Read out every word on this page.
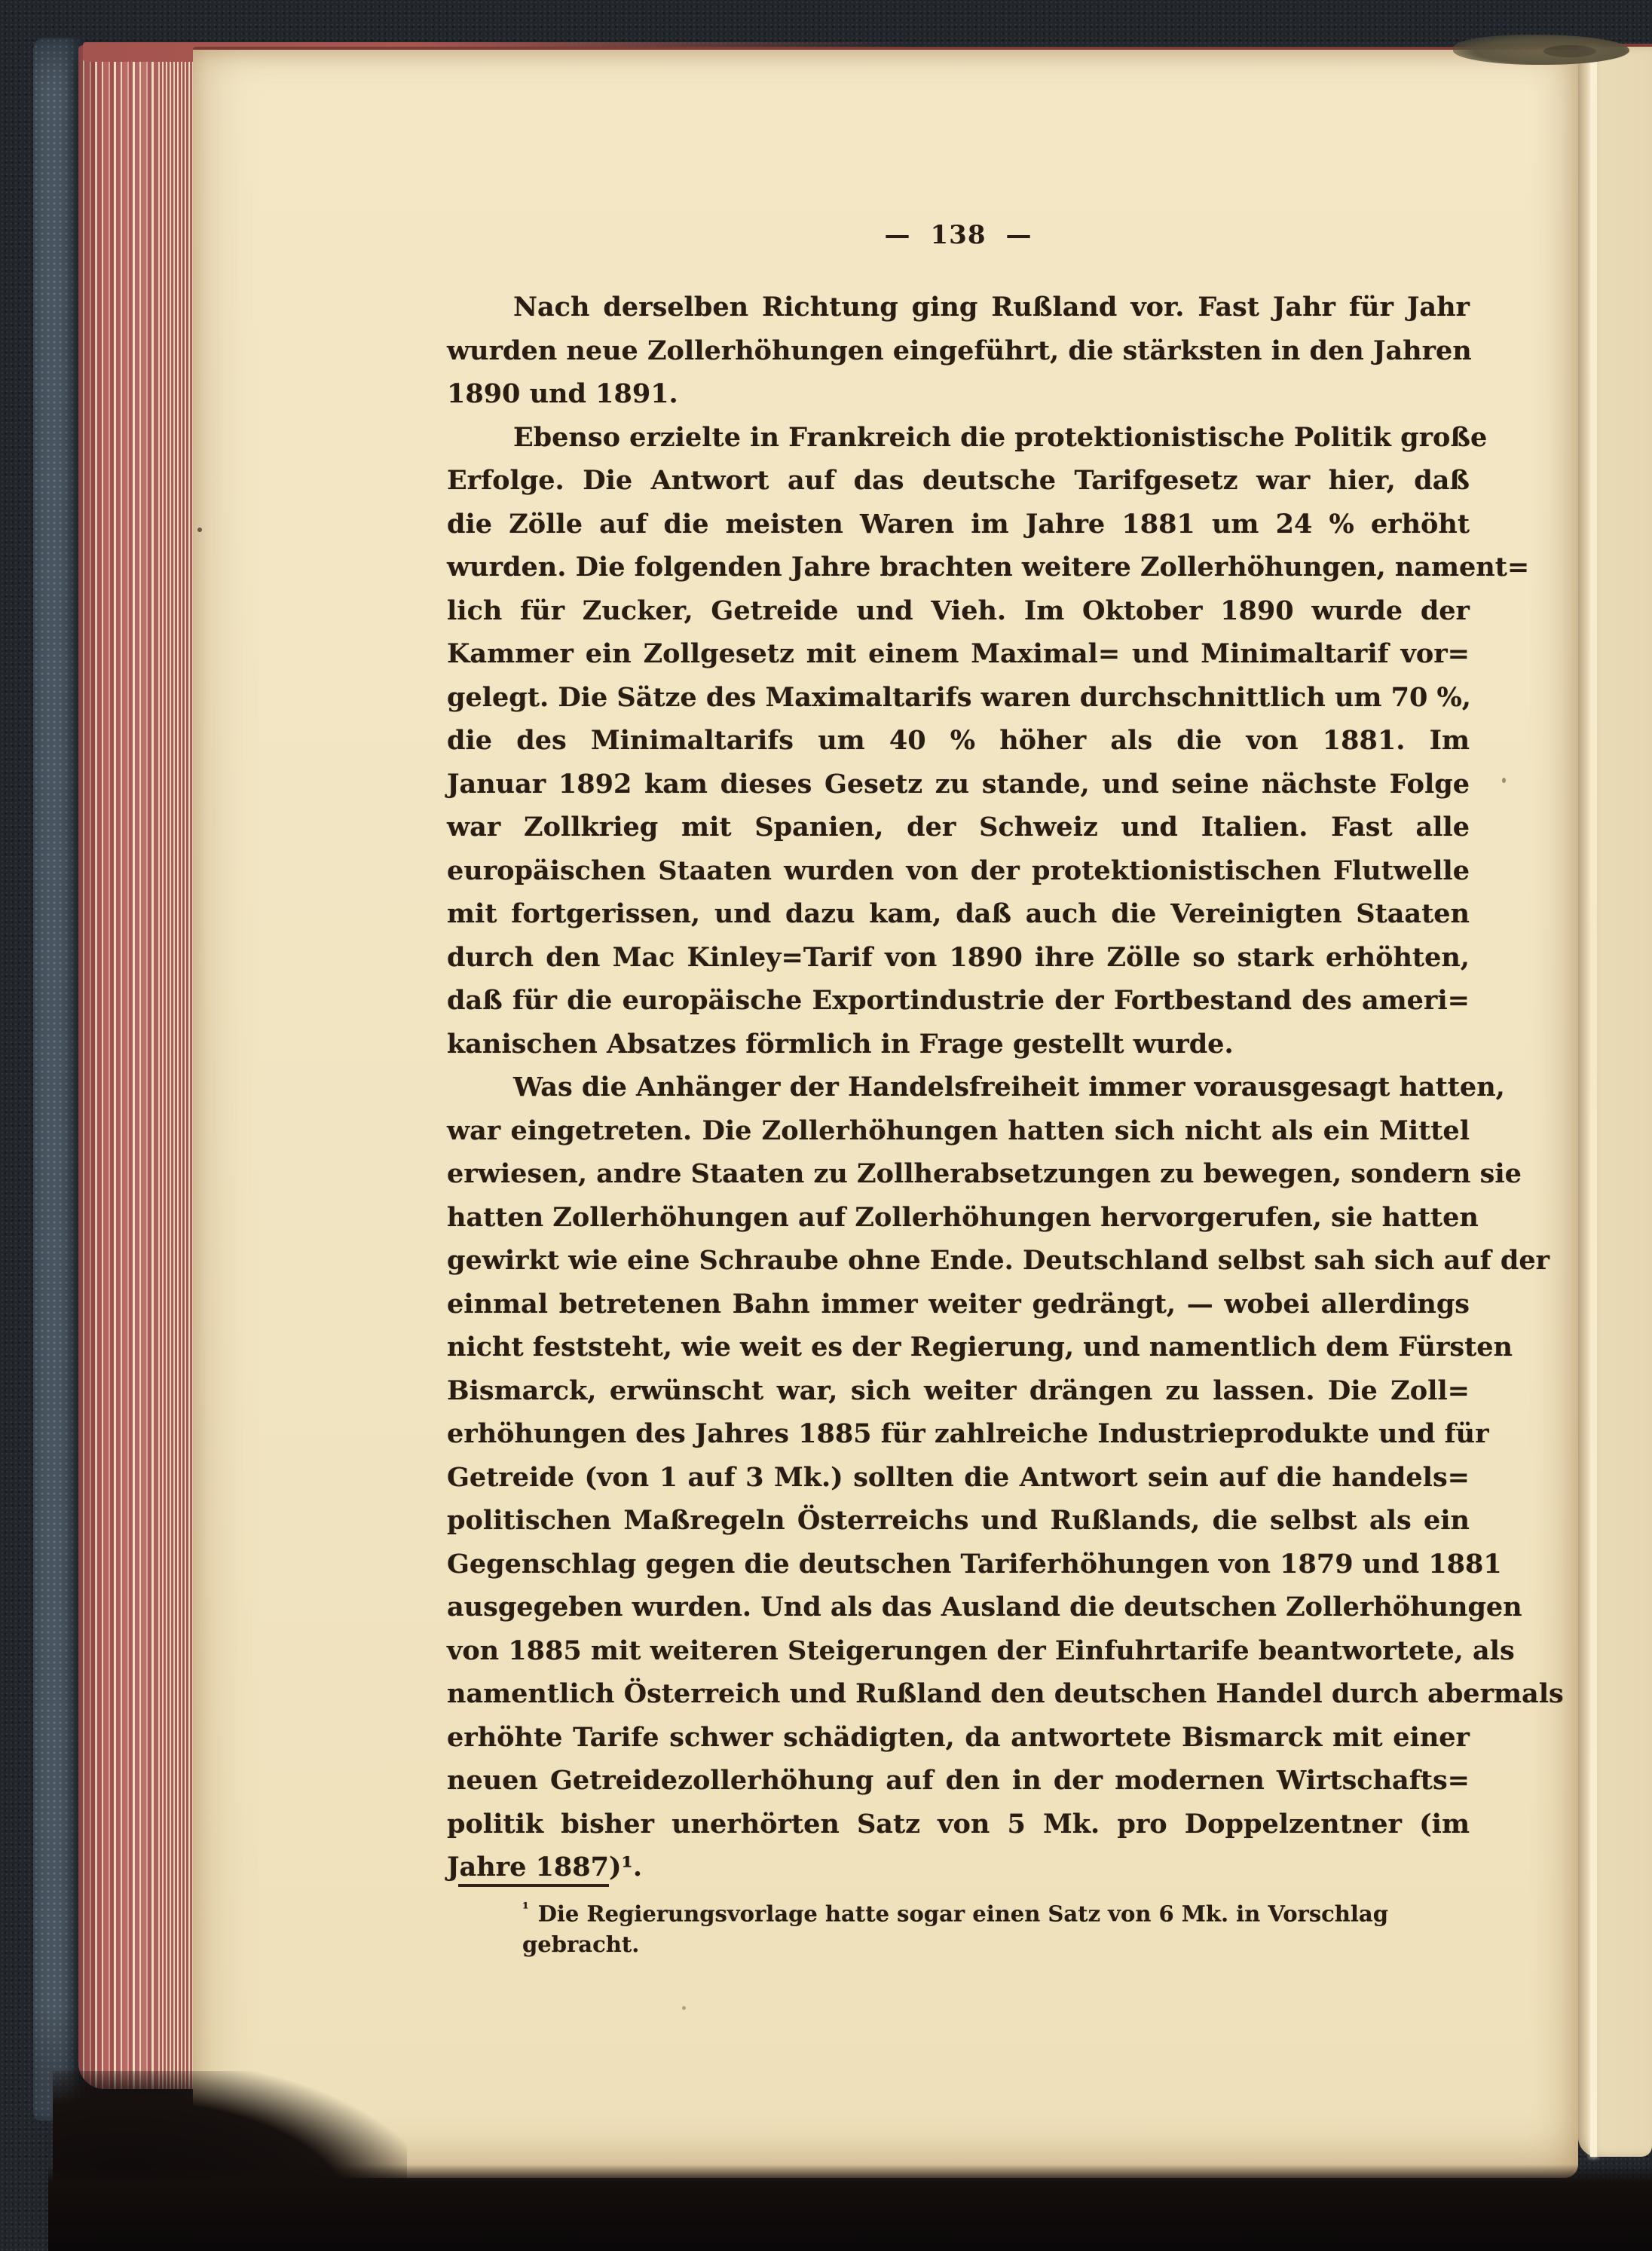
— 138 —
Nach derselben Richtung ging Rußland vor. Fast Jahr für Jahr
wurden neue Zollerhöhungen eingeführt, die stärksten in den Jahren
1890 und 1891.
Ebenso erzielte in Frankreich die protektionistische Politik große
Erfolge. Die Antwort auf das deutsche Tarifgesetz war hier, daß
die Zölle auf die meisten Waren im Jahre 1881 um 24 % erhöht
wurden. Die folgenden Jahre brachten weitere Zollerhöhungen, nament=
lich für Zucker, Getreide und Vieh. Im Oktober 1890 wurde der
Kammer ein Zollgesetz mit einem Maximal= und Minimaltarif vor=
gelegt. Die Sätze des Maximaltarifs waren durchschnittlich um 70 %,
die des Minimaltarifs um 40 % höher als die von 1881. Im
Januar 1892 kam dieses Gesetz zu stande, und seine nächste Folge
war Zollkrieg mit Spanien, der Schweiz und Italien. Fast alle
europäischen Staaten wurden von der protektionistischen Flutwelle
mit fortgerissen, und dazu kam, daß auch die Vereinigten Staaten
durch den Mac Kinley=Tarif von 1890 ihre Zölle so stark erhöhten,
daß für die europäische Exportindustrie der Fortbestand des ameri=
kanischen Absatzes förmlich in Frage gestellt wurde.
Was die Anhänger der Handelsfreiheit immer vorausgesagt hatten,
war eingetreten. Die Zollerhöhungen hatten sich nicht als ein Mittel
erwiesen, andre Staaten zu Zollherabsetzungen zu bewegen, sondern sie
hatten Zollerhöhungen auf Zollerhöhungen hervorgerufen, sie hatten
gewirkt wie eine Schraube ohne Ende. Deutschland selbst sah sich auf der
einmal betretenen Bahn immer weiter gedrängt, — wobei allerdings
nicht feststeht, wie weit es der Regierung, und namentlich dem Fürsten
Bismarck, erwünscht war, sich weiter drängen zu lassen. Die Zoll=
erhöhungen des Jahres 1885 für zahlreiche Industrieprodukte und für
Getreide (von 1 auf 3 Mk.) sollten die Antwort sein auf die handels=
politischen Maßregeln Österreichs und Rußlands, die selbst als ein
Gegenschlag gegen die deutschen Tariferhöhungen von 1879 und 1881
ausgegeben wurden. Und als das Ausland die deutschen Zollerhöhungen
von 1885 mit weiteren Steigerungen der Einfuhrtarife beantwortete, als
namentlich Österreich und Rußland den deutschen Handel durch abermals
erhöhte Tarife schwer schädigten, da antwortete Bismarck mit einer
neuen Getreidezollerhöhung auf den in der modernen Wirtschafts=
politik bisher unerhörten Satz von 5 Mk. pro Doppelzentner (im
Jahre 1887)¹.
$^{^1}$ Die Regierungsvorlage hatte sogar einen Satz von 6 Mk. in Vorschlag gebracht.
